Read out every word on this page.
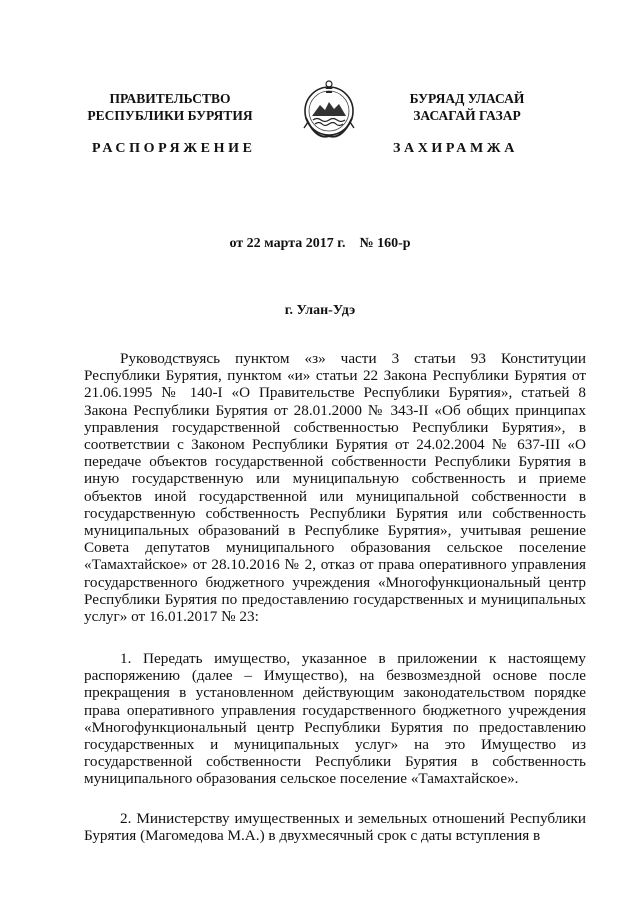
ПРАВИТЕЛЬСТВО
РЕСПУБЛИКИ БУРЯТИЯ
БУРЯАД УЛАСАЙ
ЗАСАГАЙ ГАЗАР
РАСПОРЯЖЕНИЕ	ЗАХИРАМЖА
от 22 марта 2017 г. № 160-р
г. Улан-Удэ

Руководствуясь пунктом «з» части 3 статьи 93 Конституции Республики Бурятия, пунктом «и» статьи 22 Закона Республики Бурятия от 21.06.1995 № 140-I «О Правительстве Республики Бурятия», статьей 8 Закона Республики Бурятия от 28.01.2000 № 343-II «Об общих принципах управления государственной собственностью Республики Бурятия», в соответствии с Законом Республики Бурятия от 24.02.2004 № 637-III «О передаче объектов государственной собственности Республики Бурятия в иную государственную или муниципальную собственность и приеме объектов иной государственной или муниципальной собственности в государственную собственность Республики Бурятия или собственность муниципальных образований в Республике Бурятия», учитывая решение Совета депутатов муниципального образования сельское поселение «Тамахтайское» от 28.10.2016 № 2, отказ от права оперативного управления государственного бюджетного учреждения «Многофункциональный центр Республики Бурятия по предоставлению государственных и муниципальных услуг» от 16.01.2017 № 23:

1. Передать имущество, указанное в приложении к настоящему распоряжению (далее – Имущество), на безвозмездной основе после прекращения в установленном действующим законодательством порядке права оперативного управления государственного бюджетного учреждения «Многофункциональный центр Республики Бурятия по предоставлению государственных и муниципальных услуг» на это Имущество из государственной собственности Республики Бурятия в собственность муниципального образования сельское поселение «Тамахтайское».

2. Министерству имущественных и земельных отношений Республики Бурятия (Магомедова М.А.) в двухмесячный срок с даты вступления в
